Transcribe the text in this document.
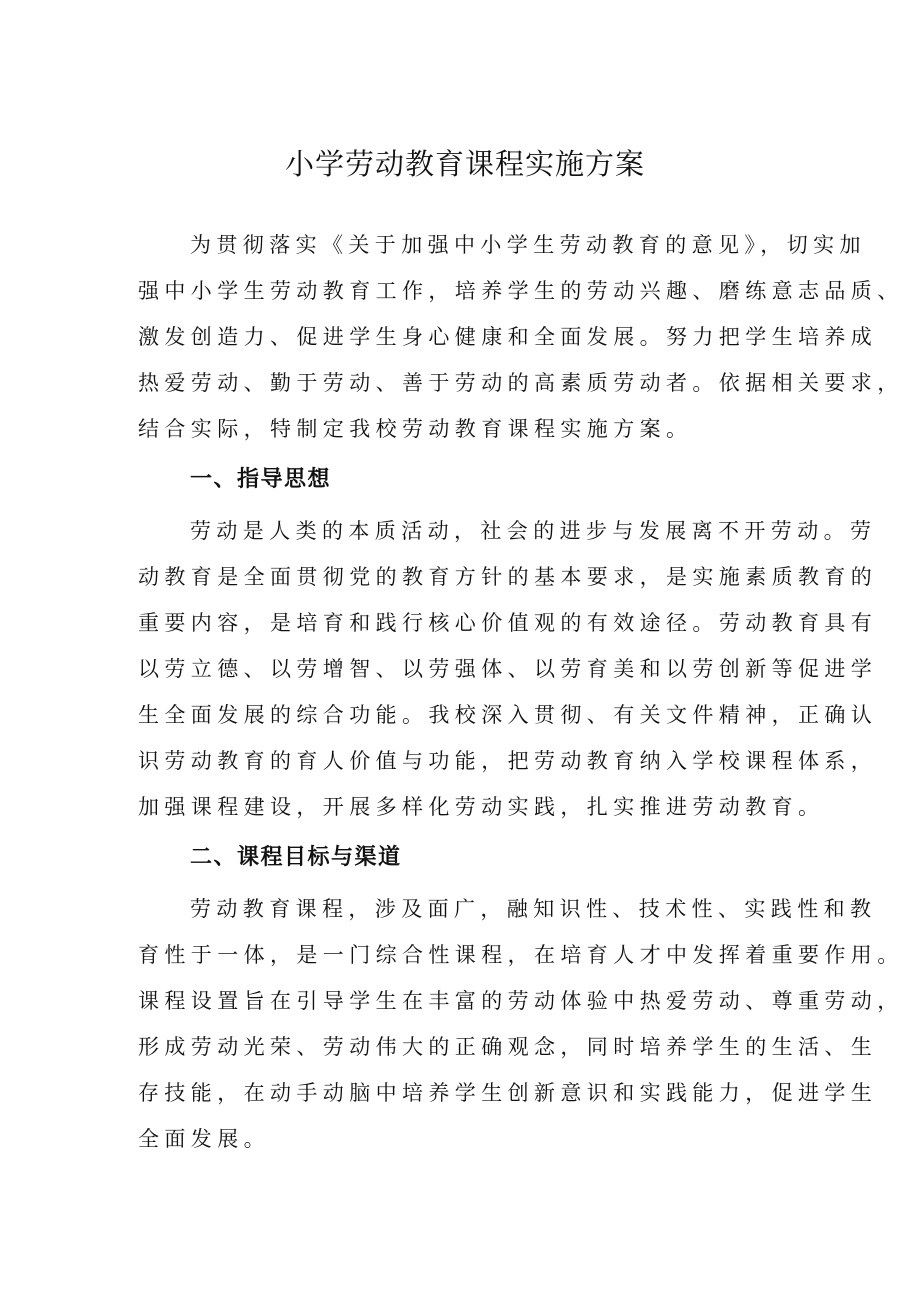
小学劳动教育课程实施方案
为贯彻落实《关于加强中小学生劳动教育的意见》，切实加
强中小学生劳动教育工作，培养学生的劳动兴趣、磨练意志品质、
激发创造力、促进学生身心健康和全面发展。努力把学生培养成
热爱劳动、勤于劳动、善于劳动的高素质劳动者。依据相关要求，
结合实际，特制定我校劳动教育课程实施方案。
一、指导思想
劳动是人类的本质活动，社会的进步与发展离不开劳动。劳
动教育是全面贯彻党的教育方针的基本要求，是实施素质教育的
重要内容，是培育和践行核心价值观的有效途径。劳动教育具有
以劳立德、以劳增智、以劳强体、以劳育美和以劳创新等促进学
生全面发展的综合功能。我校深入贯彻、有关文件精神，正确认
识劳动教育的育人价值与功能，把劳动教育纳入学校课程体系，
加强课程建设，开展多样化劳动实践，扎实推进劳动教育。
二、课程目标与渠道
劳动教育课程，涉及面广，融知识性、技术性、实践性和教
育性于一体，是一门综合性课程，在培育人才中发挥着重要作用。
课程设置旨在引导学生在丰富的劳动体验中热爱劳动、尊重劳动，
形成劳动光荣、劳动伟大的正确观念，同时培养学生的生活、生
存技能，在动手动脑中培养学生创新意识和实践能力，促进学生
全面发展。
